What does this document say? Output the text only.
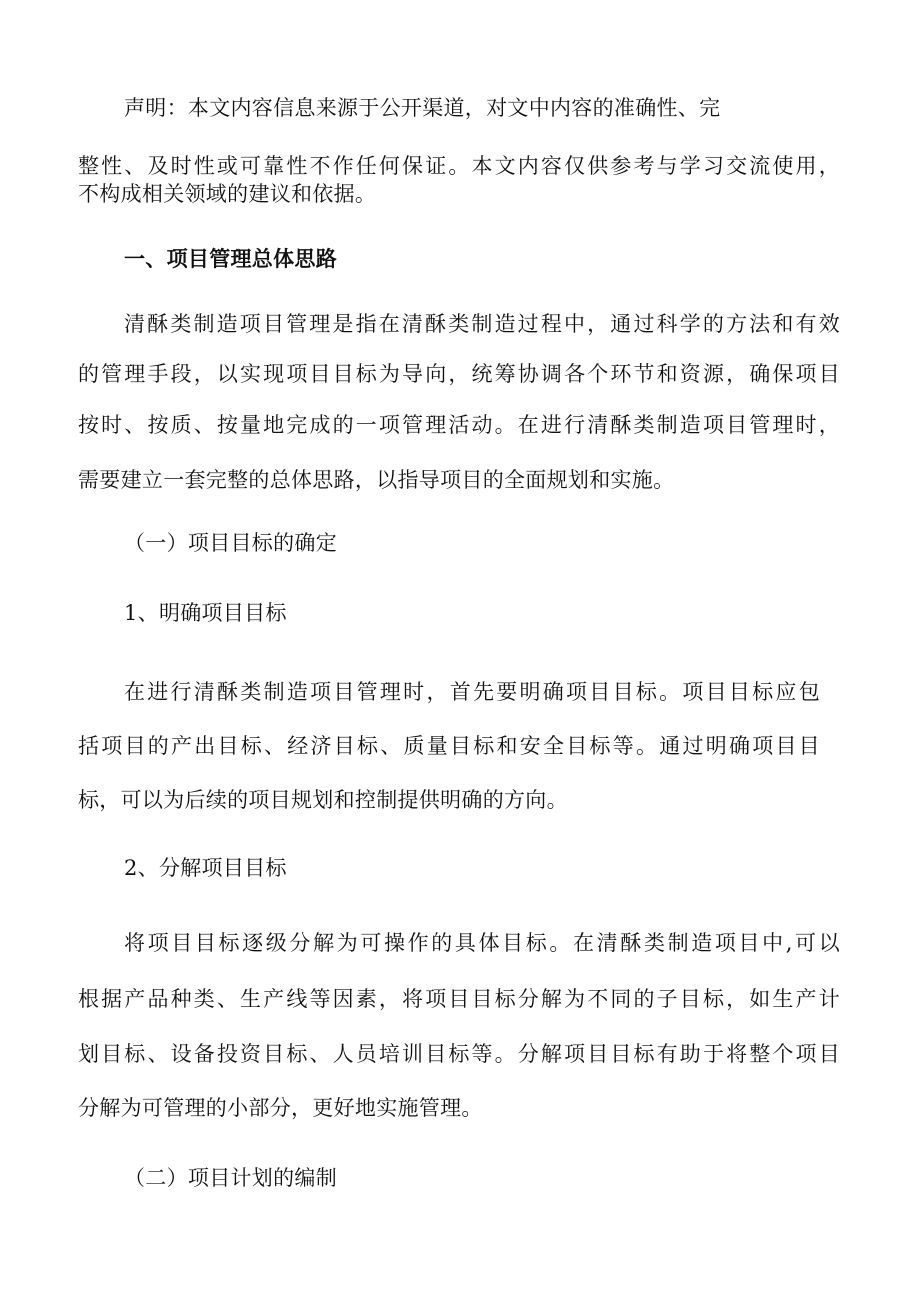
声明：本文内容信息来源于公开渠道，对文中内容的准确性、完
整性、及时性或可靠性不作任何保证。本文内容仅供参考与学习交流使用，
不构成相关领域的建议和依据。
一、项目管理总体思路
清酥类制造项目管理是指在清酥类制造过程中，通过科学的方法和有效
的管理手段，以实现项目目标为导向，统筹协调各个环节和资源，确保项目
按时、按质、按量地完成的一项管理活动。在进行清酥类制造项目管理时，
需要建立一套完整的总体思路，以指导项目的全面规划和实施。
（一）项目目标的确定
1、明确项目目标
在进行清酥类制造项目管理时，首先要明确项目目标。项目目标应包
括项目的产出目标、经济目标、质量目标和安全目标等。通过明确项目目
标，可以为后续的项目规划和控制提供明确的方向。
2、分解项目目标
将项目目标逐级分解为可操作的具体目标。在清酥类制造项目中,可以
根据产品种类、生产线等因素，将项目目标分解为不同的子目标，如生产计
划目标、设备投资目标、人员培训目标等。分解项目目标有助于将整个项目
分解为可管理的小部分，更好地实施管理。
（二）项目计划的编制
